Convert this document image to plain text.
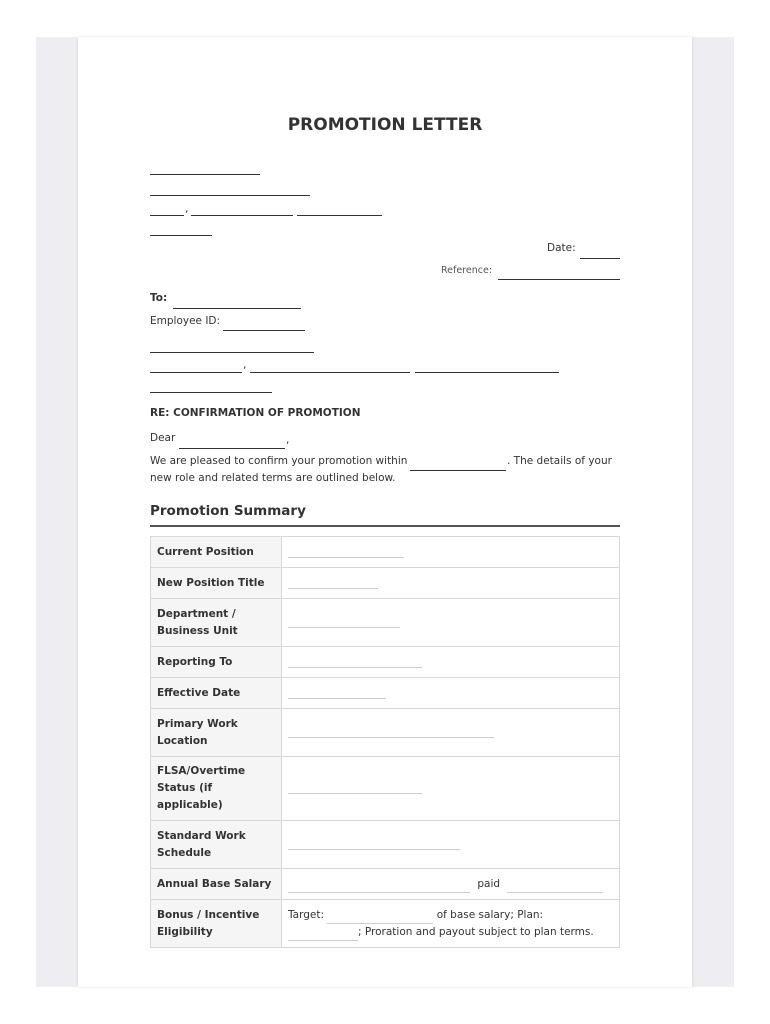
PROMOTION LETTER
,
Date:
Reference:
To:
Employee ID:
,
RE: CONFIRMATION OF PROMOTION
Dear	,
We are pleased to confirm your promotion within	. The details of your
new role and related terms are outlined below.
Promotion Summary
Current Position	

New Position Title	

Department / Business Unit	

Reporting To	

Effective Date	

Primary Work Location	

FLSA/Overtime Status (if applicable)	

Standard Work Schedule	

Annual Base Salary	paid
Bonus / Incentive Eligibility	Target: of base salary; Plan:
; Proration and payout subject to plan terms.
